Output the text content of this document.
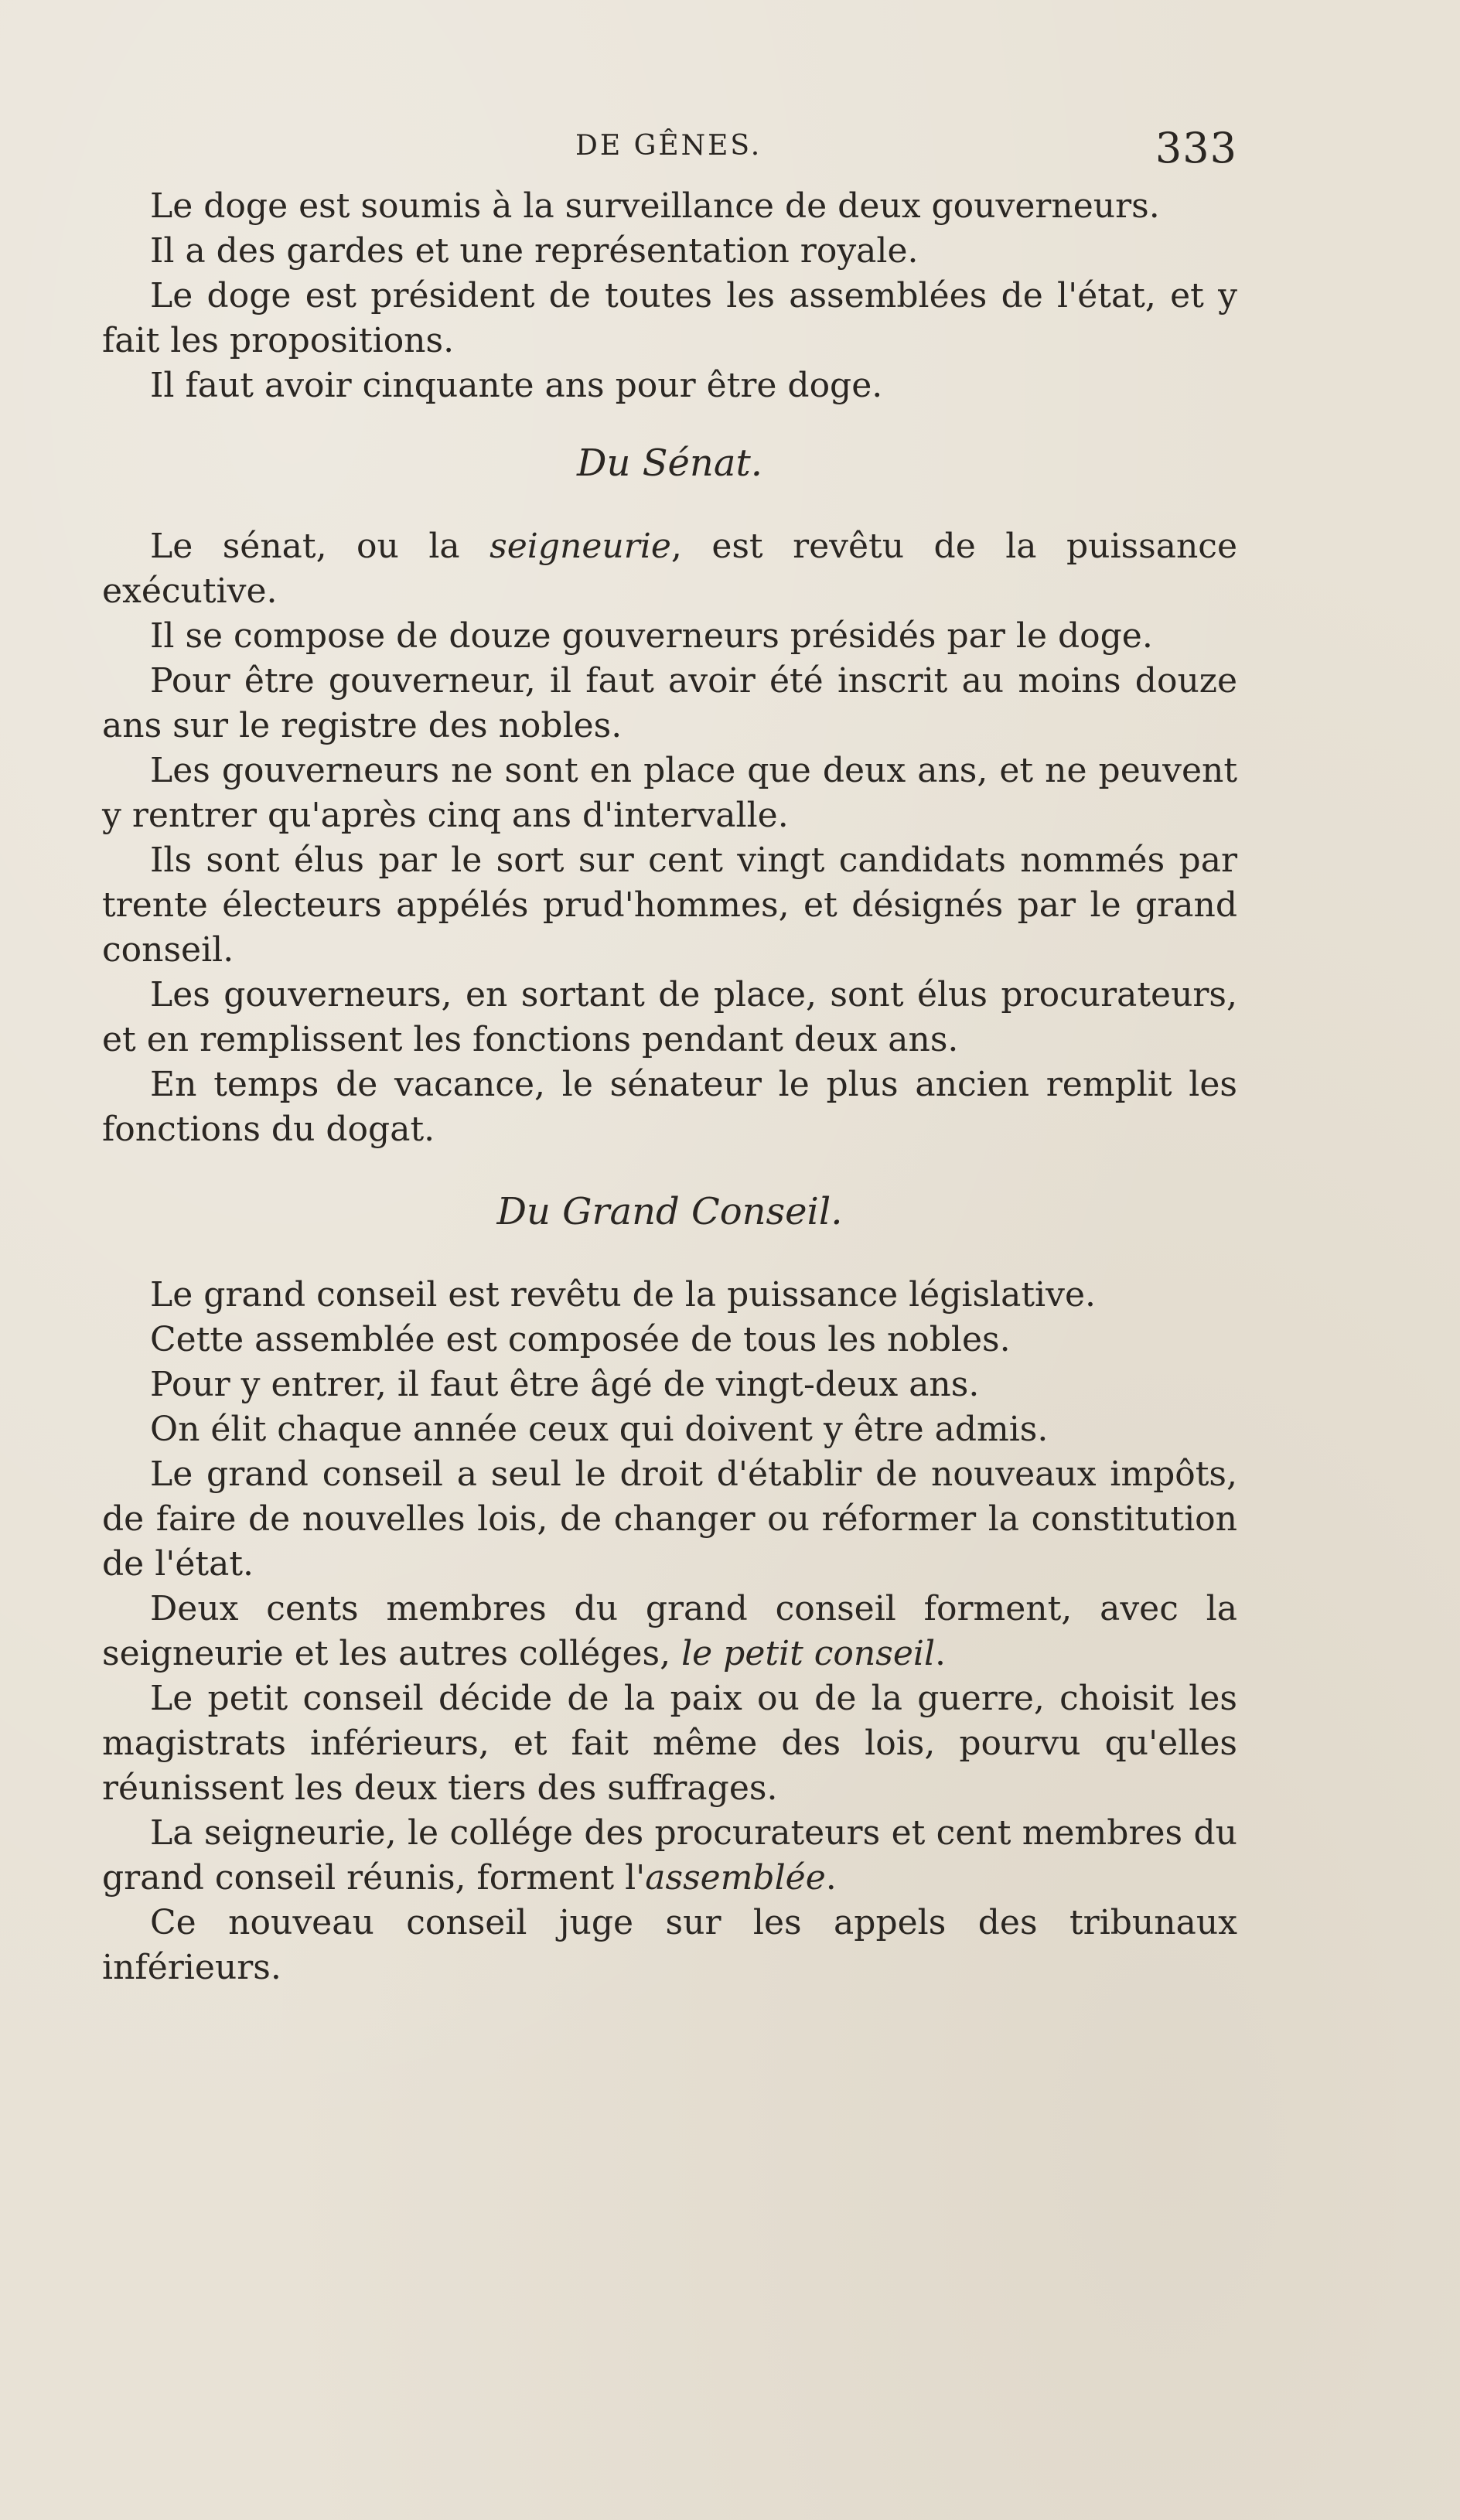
DE GÊNES.	333

Le doge est soumis à la surveillance de deux gouverneurs.

Il a des gardes et une représentation royale.

Le doge est président de toutes les assemblées de l'état, et y fait les propositions.

Il faut avoir cinquante ans pour être doge.

Du Sénat.

Le sénat, ou la seigneurie, est revêtu de la puissance exécutive.

Il se compose de douze gouverneurs présidés par le doge.

Pour être gouverneur, il faut avoir été inscrit au moins douze ans sur le registre des nobles.

Les gouverneurs ne sont en place que deux ans, et ne peuvent y rentrer qu'après cinq ans d'intervalle.

Ils sont élus par le sort sur cent vingt candidats nommés par trente électeurs appélés prud'hommes, et désignés par le grand conseil.

Les gouverneurs, en sortant de place, sont élus procurateurs, et en remplissent les fonctions pendant deux ans.

En temps de vacance, le sénateur le plus ancien remplit les fonctions du dogat.

Du Grand Conseil.

Le grand conseil est revêtu de la puissance législative.

Cette assemblée est composée de tous les nobles.

Pour y entrer, il faut être âgé de vingt-deux ans.

On élit chaque année ceux qui doivent y être admis.

Le grand conseil a seul le droit d'établir de nouveaux impôts, de faire de nouvelles lois, de changer ou réformer la constitution de l'état.

Deux cents membres du grand conseil forment, avec la seigneurie et les autres colléges, le petit conseil.

Le petit conseil décide de la paix ou de la guerre, choisit les magistrats inférieurs, et fait même des lois, pourvu qu'elles réunissent les deux tiers des suffrages.

La seigneurie, le collége des procurateurs et cent membres du grand conseil réunis, forment l'assemblée.

Ce nouveau conseil juge sur les appels des tribunaux inférieurs.
